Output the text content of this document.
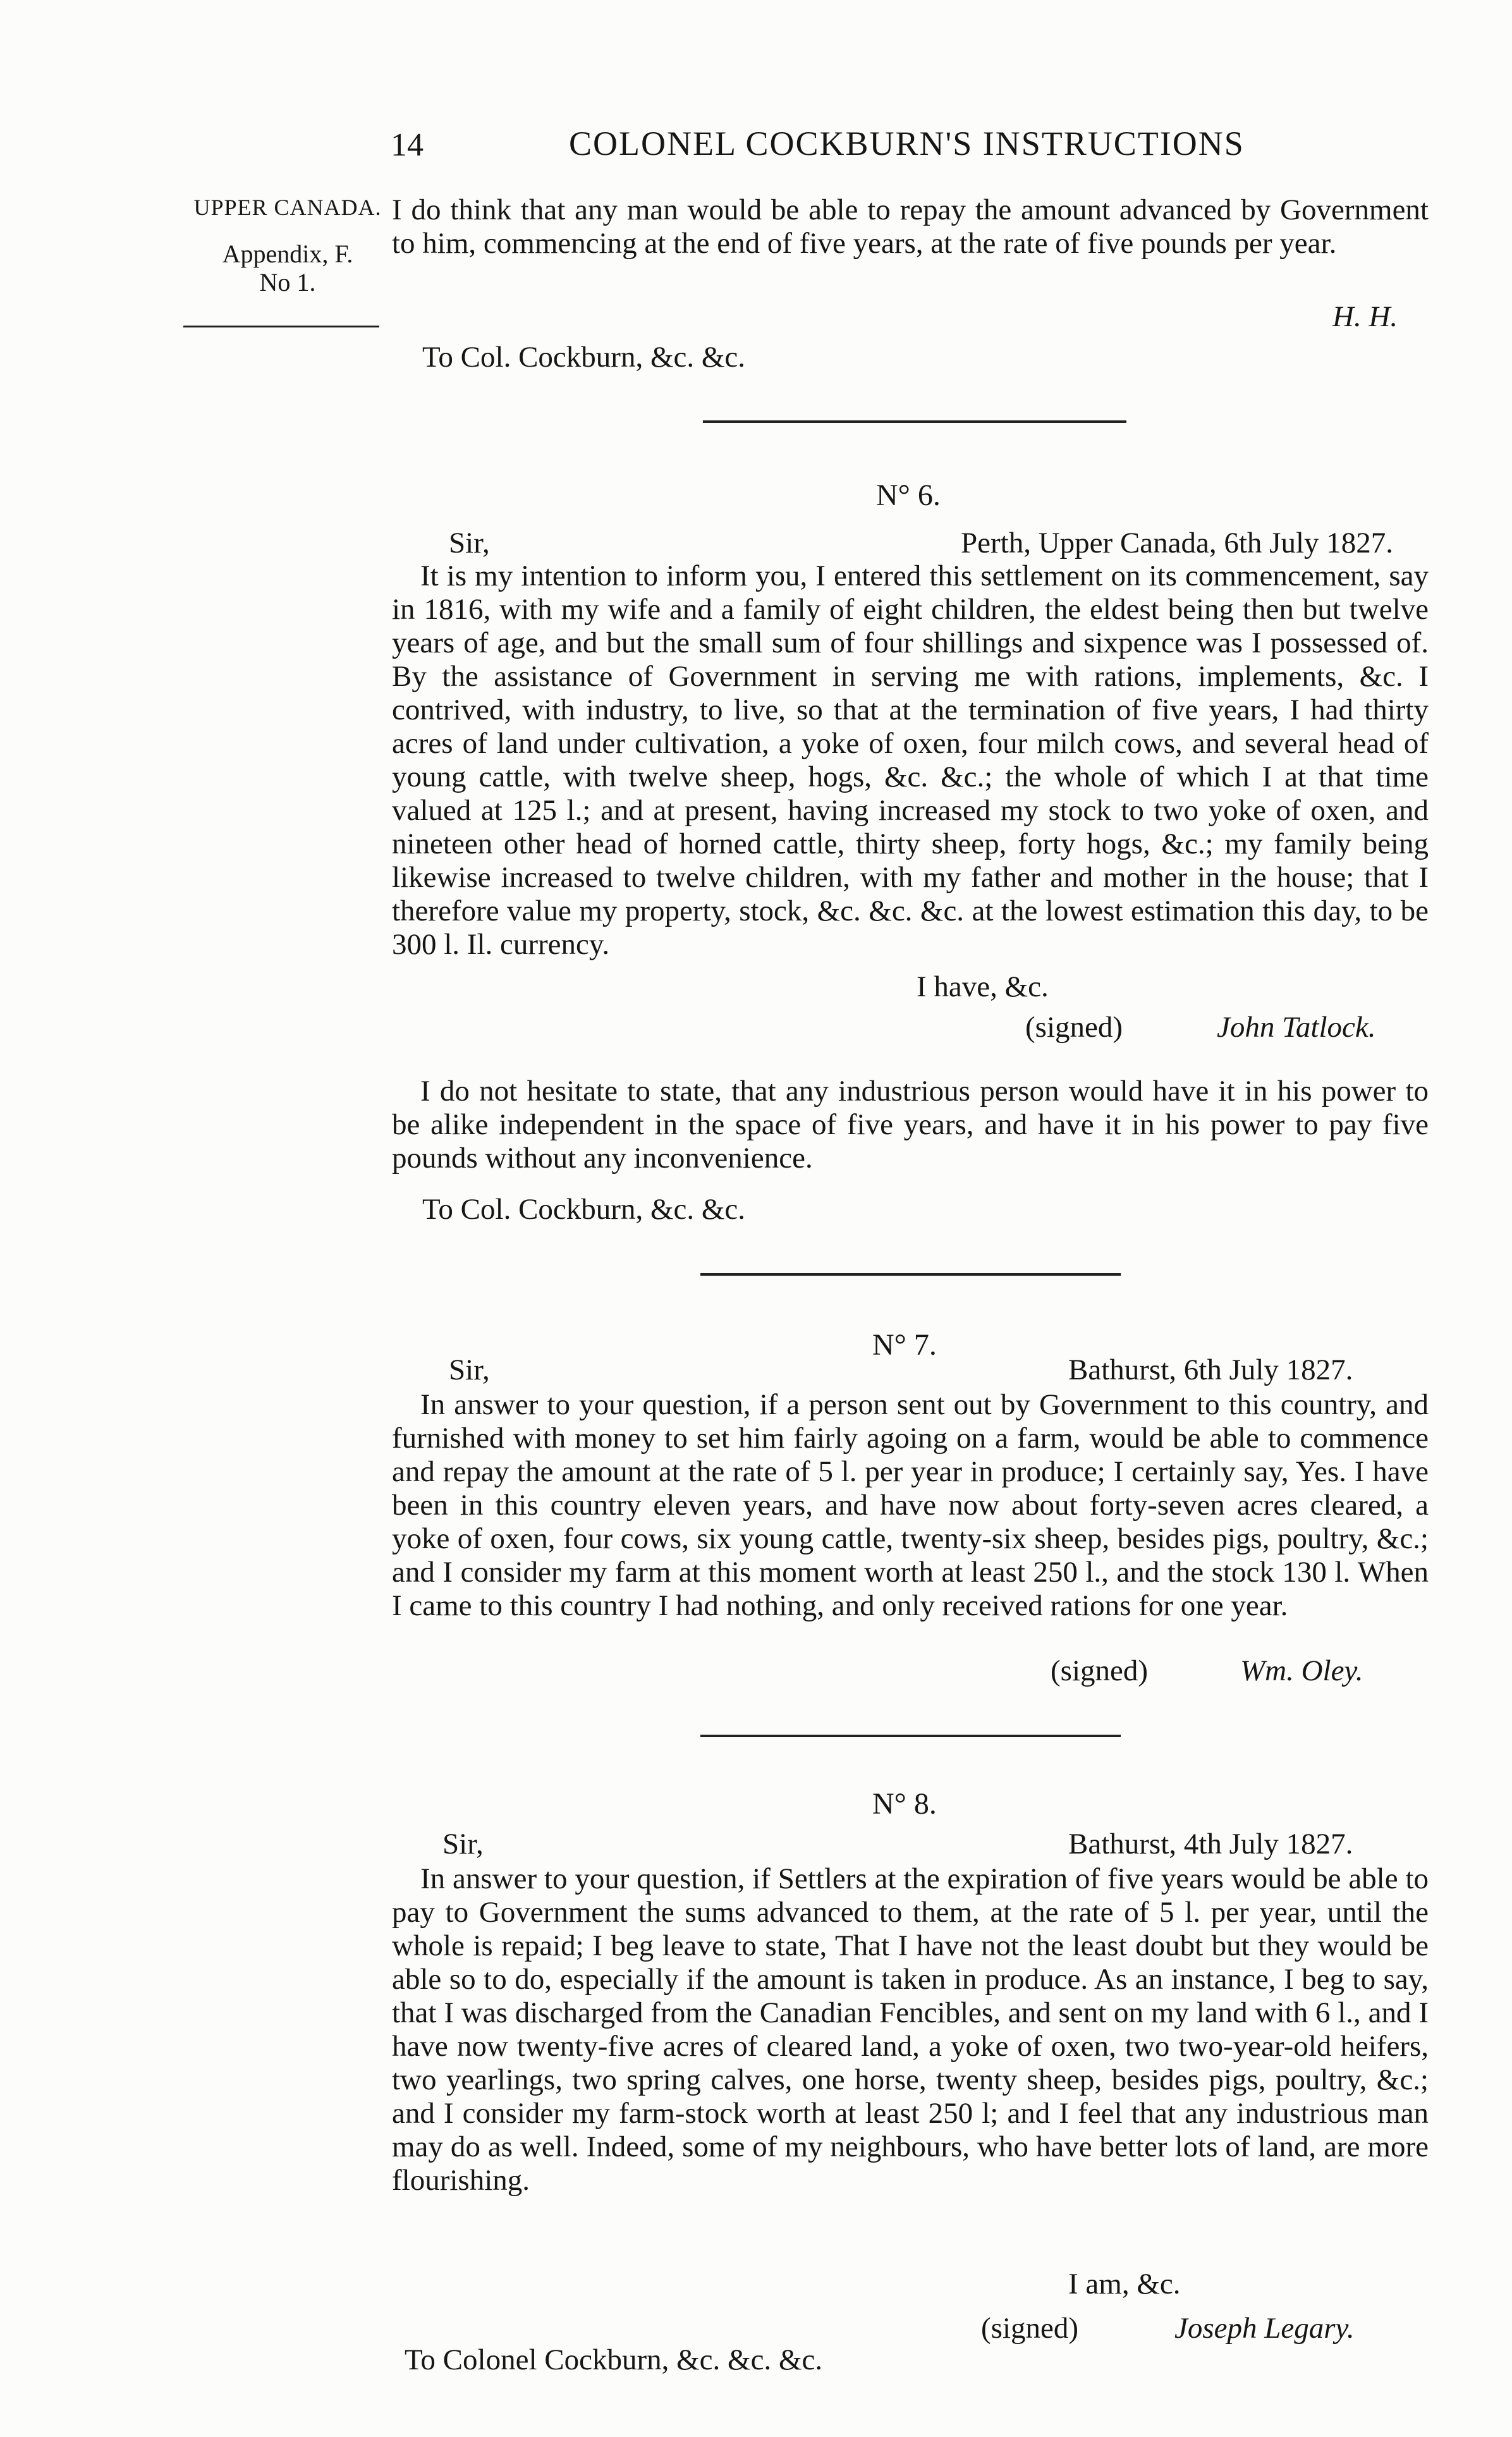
14	COLONEL COCKBURN'S INSTRUCTIONS
UPPER CANADA.
Appendix, F.
No 1.
I do think that any man would be able to repay the amount advanced by Government to him, commencing at the end of five years, at the rate of five pounds per year.
H. H.
To Col. Cockburn, &c. &c.
N° 6.
Sir,	Perth, Upper Canada, 6th July 1827.
It is my intention to inform you, I entered this settlement on its commencement, say in 1816, with my wife and a family of eight children, the eldest being then but twelve years of age, and but the small sum of four shillings and sixpence was I possessed of. By the assistance of Government in serving me with rations, implements, &c. I contrived, with industry, to live, so that at the termination of five years, I had thirty acres of land under cultivation, a yoke of oxen, four milch cows, and several head of young cattle, with twelve sheep, hogs, &c. &c.; the whole of which I at that time valued at 125 l.; and at present, having increased my stock to two yoke of oxen, and nineteen other head of horned cattle, thirty sheep, forty hogs, &c.; my family being likewise increased to twelve children, with my father and mother in the house; that I therefore value my property, stock, &c. &c. &c. at the lowest estimation this day, to be 300 l. Il. currency.
I have, &c.
(signed)	John Tatlock.
I do not hesitate to state, that any industrious person would have it in his power to be alike independent in the space of five years, and have it in his power to pay five pounds without any inconvenience.
To Col. Cockburn, &c. &c.
N° 7.
Sir,	Bathurst, 6th July 1827.
In answer to your question, if a person sent out by Government to this country, and furnished with money to set him fairly agoing on a farm, would be able to commence and repay the amount at the rate of 5 l. per year in produce; I certainly say, Yes. I have been in this country eleven years, and have now about forty-seven acres cleared, a yoke of oxen, four cows, six young cattle, twenty-six sheep, besides pigs, poultry, &c.; and I consider my farm at this moment worth at least 250 l., and the stock 130 l. When I came to this country I had nothing, and only received rations for one year.
(signed)	Wm. Oley.
N° 8.
Sir,	Bathurst, 4th July 1827.
In answer to your question, if Settlers at the expiration of five years would be able to pay to Government the sums advanced to them, at the rate of 5 l. per year, until the whole is repaid; I beg leave to state, That I have not the least doubt but they would be able so to do, especially if the amount is taken in produce. As an instance, I beg to say, that I was discharged from the Canadian Fencibles, and sent on my land with 6 l., and I have now twenty-five acres of cleared land, a yoke of oxen, two two-year-old heifers, two yearlings, two spring calves, one horse, twenty sheep, besides pigs, poultry, &c.; and I consider my farm-stock worth at least 250 l; and I feel that any industrious man may do as well. Indeed, some of my neighbours, who have better lots of land, are more flourishing.
I am, &c.
(signed)	Joseph Legary.
To Colonel Cockburn, &c. &c. &c.
